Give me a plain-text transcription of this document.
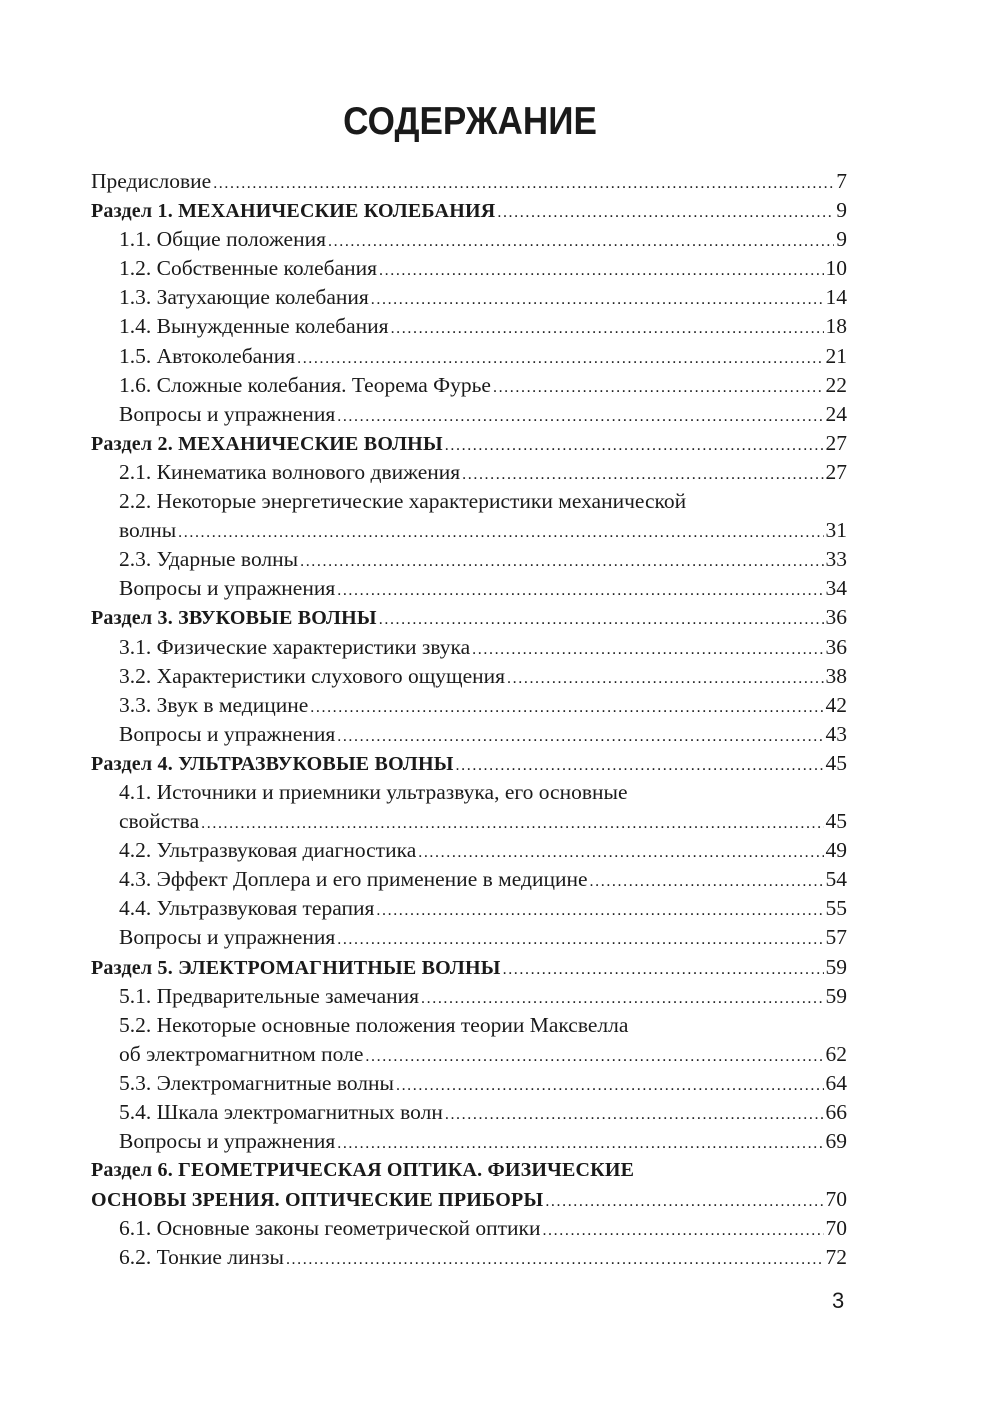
СОДЕРЖАНИЕ
Предисловие .....	7
Раздел 1. МЕХАНИЧЕСКИЕ КОЛЕБАНИЯ .....	9
1.1. Общие положения .....	9
1.2. Собственные колебания .....	10
1.3. Затухающие колебания .....	14
1.4. Вынужденные колебания .....	18
1.5. Автоколебания .....	21
1.6. Сложные колебания. Теорема Фурье .....	22
Вопросы и упражнения .....	24
Раздел 2. МЕХАНИЧЕСКИЕ ВОЛНЫ .....	27
2.1. Кинематика волнового движения .....	27
2.2. Некоторые энергетические характеристики механической
волны .....	31
2.3. Ударные волны .....	33
Вопросы и упражнения .....	34
Раздел 3. ЗВУКОВЫЕ ВОЛНЫ .....	36
3.1. Физические характеристики звука .....	36
3.2. Характеристики слухового ощущения .....	38
3.3. Звук в медицине .....	42
Вопросы и упражнения .....	43
Раздел 4. УЛЬТРАЗВУКОВЫЕ ВОЛНЫ .....	45
4.1. Источники и приемники ультразвука, его основные
свойства .....	45
4.2. Ультразвуковая диагностика .....	49
4.3. Эффект Доплера и его применение в медицине .....	54
4.4. Ультразвуковая терапия .....	55
Вопросы и упражнения .....	57
Раздел 5. ЭЛЕКТРОМАГНИТНЫЕ ВОЛНЫ .....	59
5.1. Предварительные замечания .....	59
5.2. Некоторые основные положения теории Максвелла
об электромагнитном поле .....	62
5.3. Электромагнитные волны .....	64
5.4. Шкала электромагнитных волн .....	66
Вопросы и упражнения .....	69
Раздел 6. ГЕОМЕТРИЧЕСКАЯ ОПТИКА. ФИЗИЧЕСКИЕ
ОСНОВЫ ЗРЕНИЯ. ОПТИЧЕСКИЕ ПРИБОРЫ .....	70
6.1. Основные законы геометрической оптики .....	70
6.2. Тонкие линзы .....	72
3
